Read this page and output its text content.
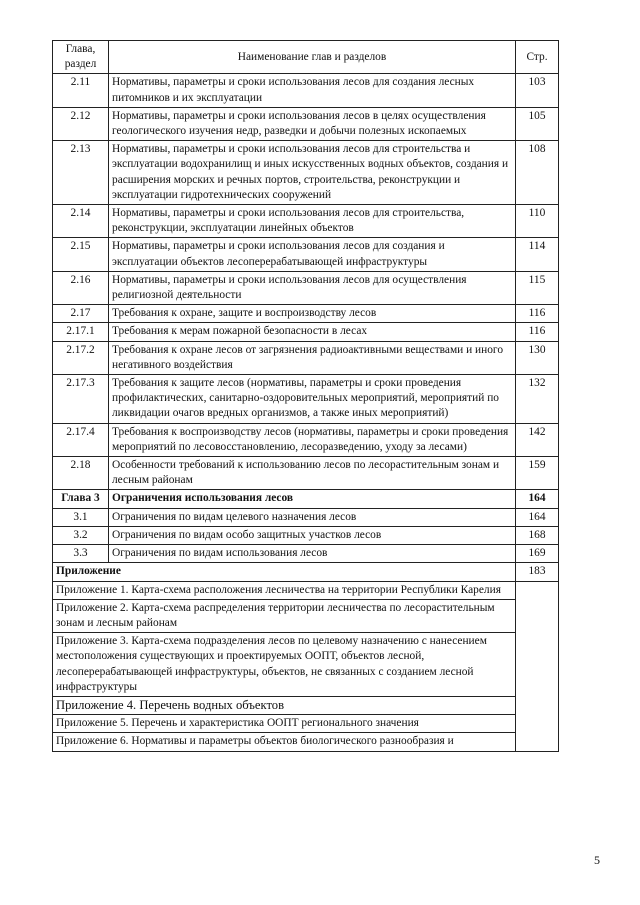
Глава, раздел	Наименование глав и разделов	Стр.
2.11	Нормативы, параметры и сроки использования лесов для создания лесных питомников и их эксплуатации	103
2.12	Нормативы, параметры и сроки использования лесов в целях осуществления геологического изучения недр, разведки и добычи полезных ископаемых	105
2.13	Нормативы, параметры и сроки использования лесов для строительства и эксплуатации водохранилищ и иных искусственных водных объектов, создания и расширения морских и речных портов, строительства, реконструкции и эксплуатации гидротехнических сооружений	108
2.14	Нормативы, параметры и сроки использования лесов для строительства, реконструкции, эксплуатации линейных объектов	110
2.15	Нормативы, параметры и сроки использования лесов для создания и эксплуатации объектов лесоперерабатывающей инфраструктуры	114
2.16	Нормативы, параметры и сроки использования лесов для осуществления религиозной деятельности	115
2.17	Требования к охране, защите и воспроизводству лесов	116
2.17.1	Требования к мерам пожарной безопасности в лесах	116
2.17.2	Требования к охране лесов от загрязнения радиоактивными веществами и иного негативного воздействия	130
2.17.3	Требования к защите лесов (нормативы, параметры и сроки проведения профилактических, санитарно-оздоровительных мероприятий, мероприятий по ликвидации очагов вредных организмов, а также иных мероприятий)	132
2.17.4	Требования к воспроизводству лесов (нормативы, параметры и сроки проведения мероприятий по лесовосстановлению, лесоразведению, уходу за лесами)	142
2.18	Особенности требований к использованию лесов по лесорастительным зонам и лесным районам	159
Глава 3	Ограничения использования лесов	164
3.1	Ограничения по видам целевого назначения лесов	164
3.2	Ограничения по видам особо защитных участков лесов	168
3.3	Ограничения по видам использования лесов	169
Приложение		183
Приложение 1. Карта-схема расположения лесничества на территории Республики Карелия		
Приложение 2. Карта-схема распределения территории лесничества по лесорастительным зонам и лесным районам		
Приложение 3. Карта-схема подразделения лесов по целевому назначению с нанесением местоположения существующих и проектируемых ООПТ, объектов лесной, лесоперерабатывающей инфраструктуры, объектов, не связанных с созданием лесной инфраструктуры		
Приложение 4. Перечень водных объектов		
Приложение 5. Перечень и характеристика ООПТ регионального значения		
Приложение 6. Нормативы и параметры объектов биологического разнообразия и		
5
